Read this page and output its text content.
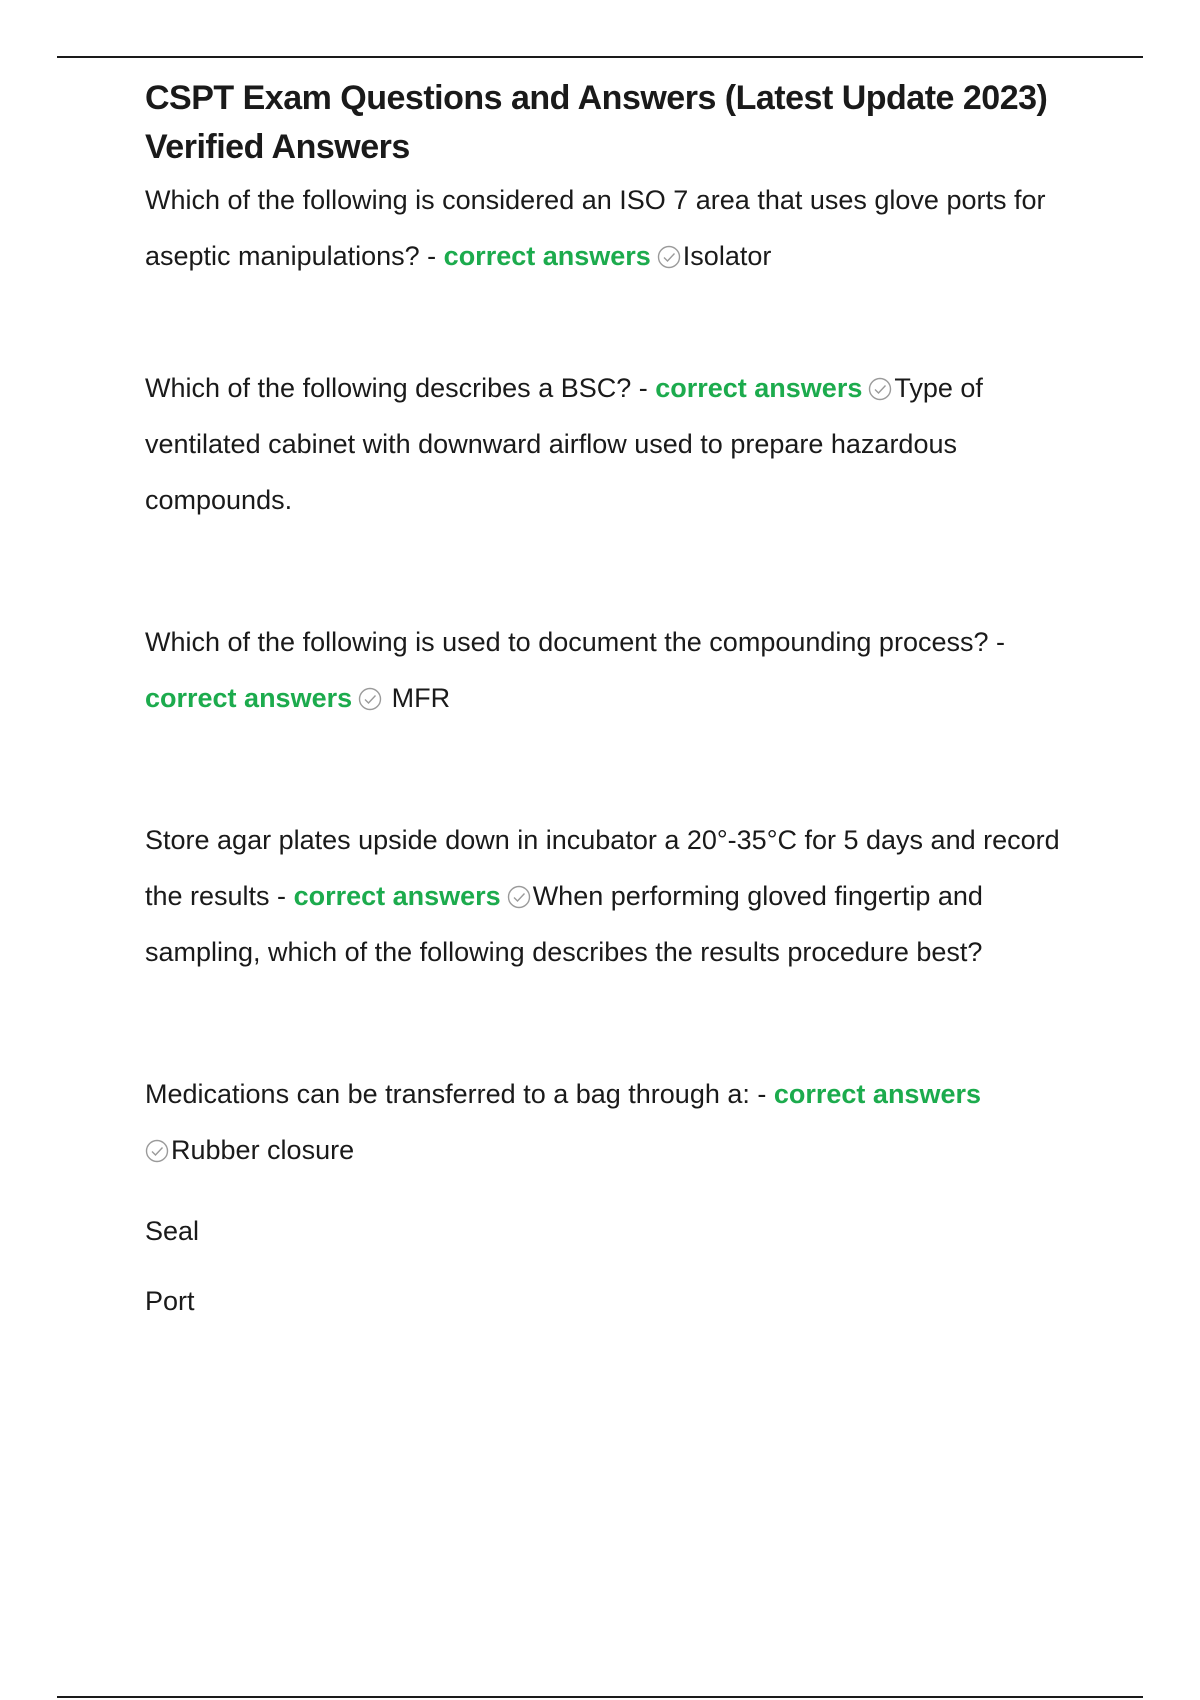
CSPT Exam Questions and Answers (Latest Update 2023) Verified Answers

Which of the following is considered an ISO 7 area that uses glove ports for aseptic manipulations? - correct answers Isolator

Which of the following describes a BSC? - correct answers Type of ventilated cabinet with downward airflow used to prepare hazardous compounds.

Which of the following is used to document the compounding process? - correct answers
MFR

Store agar plates upside down in incubator a 20°-35°C for 5 days and record the results - correct answers When performing gloved fingertip and sampling, which of the following describes the results procedure best?

Medications can be transferred to a bag through a: - correct answers

Rubber closure

Seal

Port
